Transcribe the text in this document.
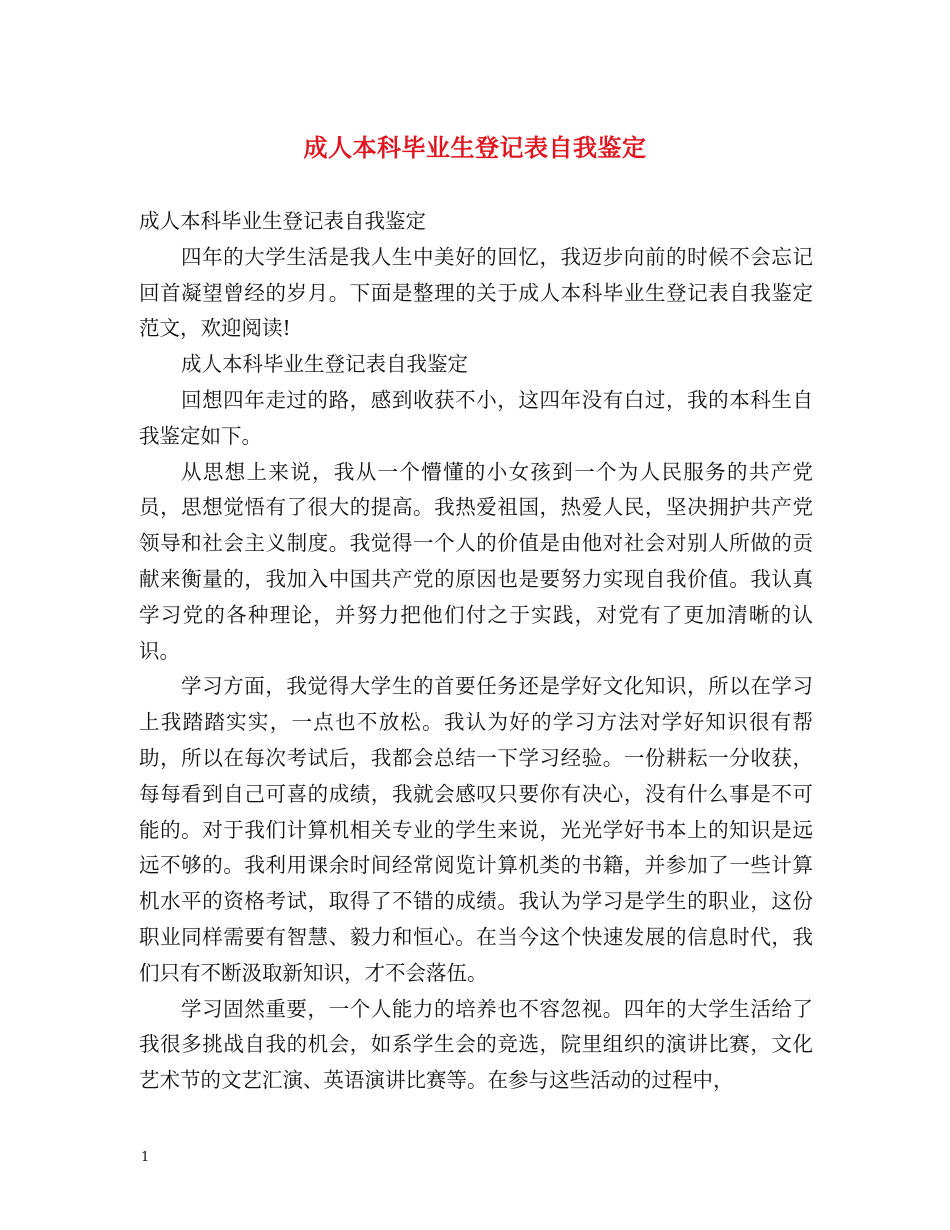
成人本科毕业生登记表自我鉴定

成人本科毕业生登记表自我鉴定

四年的大学生活是我人生中美好的回忆，我迈步向前的时候不会忘记回首凝望曾经的岁月。下面是整理的关于成人本科毕业生登记表自我鉴定范文，欢迎阅读!

成人本科毕业生登记表自我鉴定

回想四年走过的路，感到收获不小，这四年没有白过，我的本科生自我鉴定如下。

从思想上来说，我从一个懵懂的小女孩到一个为人民服务的共产党员，思想觉悟有了很大的提高。我热爱祖国，热爱人民，坚决拥护共产党领导和社会主义制度。我觉得一个人的价值是由他对社会对别人所做的贡献来衡量的，我加入中国共产党的原因也是要努力实现自我价值。我认真学习党的各种理论，并努力把他们付之于实践，对党有了更加清晰的认识。

学习方面，我觉得大学生的首要任务还是学好文化知识，所以在学习上我踏踏实实，一点也不放松。我认为好的学习方法对学好知识很有帮助，所以在每次考试后，我都会总结一下学习经验。一份耕耘一分收获，每每看到自己可喜的成绩，我就会感叹只要你有决心，没有什么事是不可能的。对于我们计算机相关专业的学生来说，光光学好书本上的知识是远远不够的。我利用课余时间经常阅览计算机类的书籍，并参加了一些计算机水平的资格考试，取得了不错的成绩。我认为学习是学生的职业，这份职业同样需要有智慧、毅力和恒心。在当今这个快速发展的信息时代，我们只有不断汲取新知识，才不会落伍。

学习固然重要，一个人能力的培养也不容忽视。四年的大学生活给了我很多挑战自我的机会，如系学生会的竞选，院里组织的演讲比赛，文化艺术节的文艺汇演、英语演讲比赛等。在参与这些活动的过程中，

1
